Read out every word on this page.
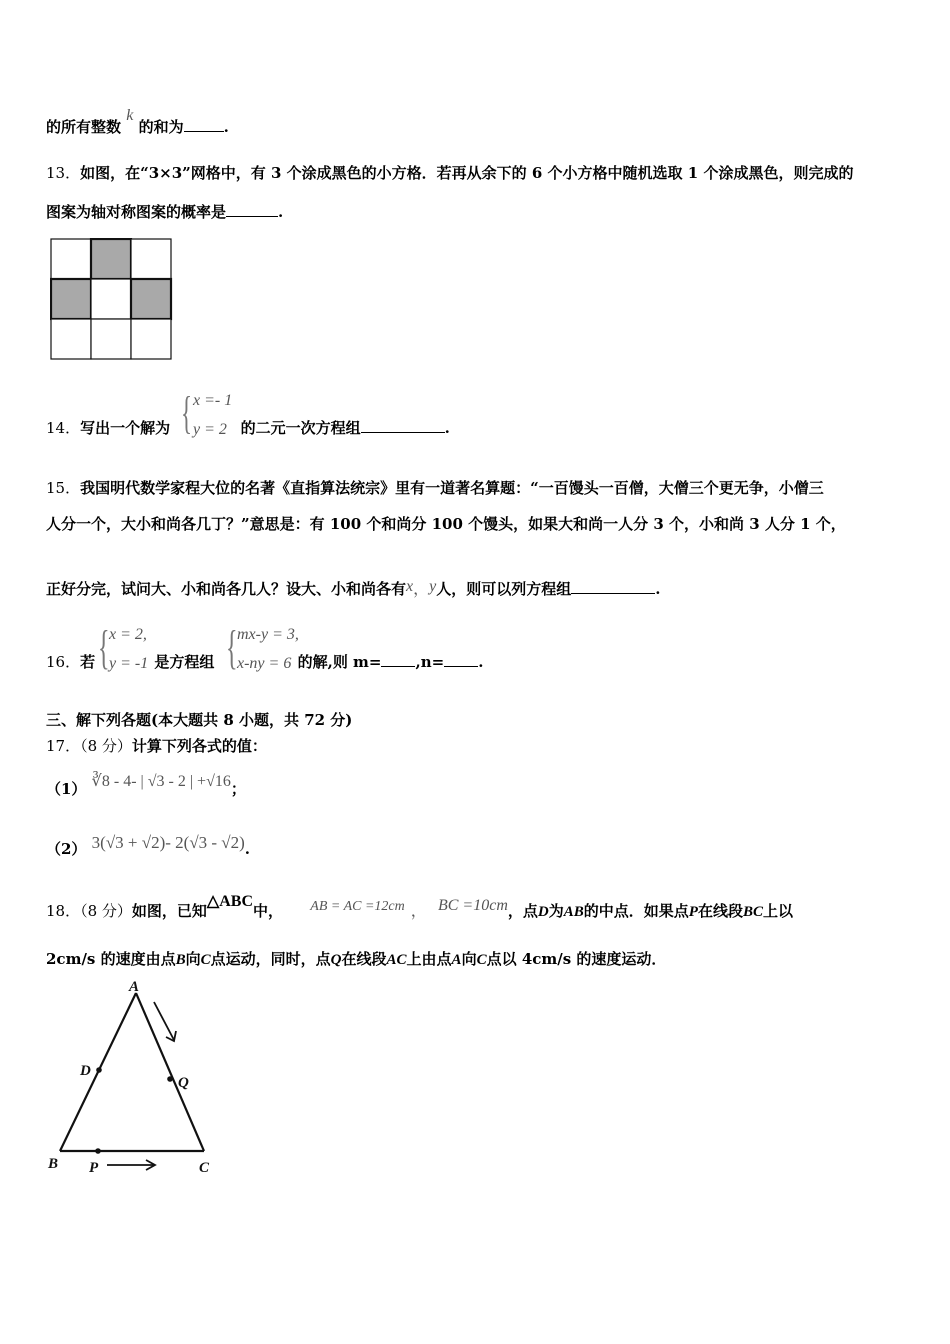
的所有整数 k 的和为	.
13．如图，在“3×3”网格中，有 3 个涂成黑色的小方格．若再从余下的 6 个小方格中随机选取 1 个涂成黑色，则完成的
图案为轴对称图案的概率是	.
14．写出一个解为	的二元一次方程组	.
{ x =- 1
y = 2
15．我国明代数学家程大位的名著《直指算法统宗》里有一道著名算题：“一百馒头一百僧，大僧三个更无争，小僧三
人分一个，大小和尚各几丁？”意思是：有 100 个和尚分 100 个馒头，如果大和尚一人分 3 个，小和尚 3 人分 1 个，
正好分完，试问大、小和尚各几人？设大、小和尚各有x，y人，则可以列方程组	.
16．若	是方程组	的解,则 m= ,n= .
{ x = 2,
y = -1 { mx-y = 3,
x-ny = 6
三、解下列各题(本大题共 8 小题，共 72 分)
17．（8 分）计算下列各式的值：
（1） ∛8 - 4- | √3 - 2 | +√16；
（2） 3(√3 + √2)- 2(√3 - √2).
18．（8 分）如图，已知△ABC中， AB = AC =12cm ， BC =10cm，点D为AB的中点．如果点P在线段BC上以
2cm/s 的速度由点B向C点运动，同时，点Q在线段AC上由点A向C点以 4cm/s 的速度运动．
A
D
Q
B P	C
